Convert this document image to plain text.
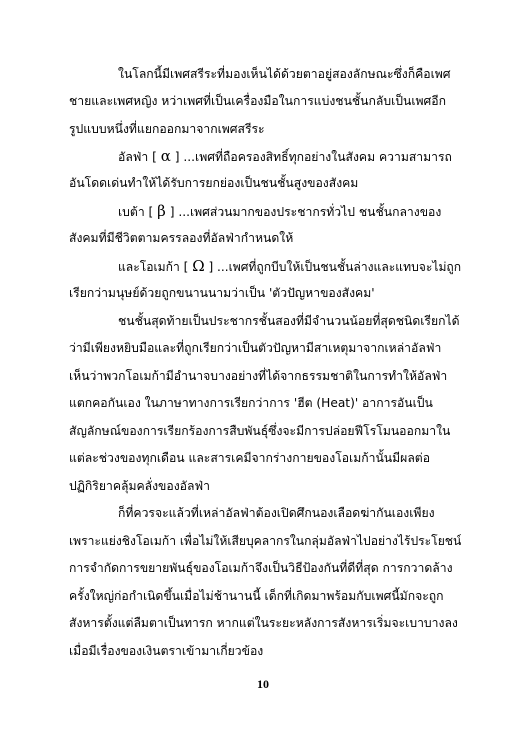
ในโลกนี้มีเพศสรีระที่มองเห็นได้ด้วยตาอยู่สองลักษณะซึ่งก็คือเพศ
ชายและเพศหญิง หว่าเพศที่เป็นเครื่องมือในการแบ่งชนชั้นกลับเป็นเพศอีก
รูปแบบหนึ่งที่แยกออกมาจากเพศสรีระ
อัลฟ่า [ α ] ...เพศที่ถือครองสิทธิ์ทุกอย่างในสังคม ความสามารถ
อันโดดเด่นทำให้ได้รับการยกย่องเป็นชนชั้นสูงของสังคม
เบต้า [ β ] ...เพศส่วนมากของประชากรทั่วไป ชนชั้นกลางของ
สังคมที่มีชีวิตตามครรลองที่อัลฟ่ากำหนดให้
และโอเมก้า [ Ω ] ...เพศที่ถูกบีบให้เป็นชนชั้นล่างและแทบจะไม่ถูก
เรียกว่ามนุษย์ด้วยถูกขนานนามว่าเป็น 'ตัวปัญหาของสังคม'
ชนชั้นสุดท้ายเป็นประชากรชั้นสองที่มีจำนวนน้อยที่สุดชนิดเรียกได้
ว่ามีเพียงหยิบมือและที่ถูกเรียกว่าเป็นตัวปัญหามีสาเหตุมาจากเหล่าอัลฟ่า
เห็นว่าพวกโอเมก้ามีอำนาจบางอย่างที่ได้จากธรรมชาติในการทำให้อัลฟ่า
แตกคอกันเอง ในภาษาทางการเรียกว่าการ 'ฮีต (Heat)' อาการอันเป็น
สัญลักษณ์ของการเรียกร้องการสืบพันธุ์ซึ่งจะมีการปล่อยฟีโรโมนออกมาใน
แต่ละช่วงของทุกเดือน และสารเคมีจากร่างกายของโอเมก้านั้นมีผลต่อ
ปฏิกิริยาคลุ้มคลั่งของอัลฟ่า
ก็ที่ควรจะแล้วที่เหล่าอัลฟ่าต้องเปิดศึกนองเลือดฆ่ากันเองเพียง
เพราะแย่งชิงโอเมก้า เพื่อไม่ให้เสียบุคลากรในกลุ่มอัลฟ่าไปอย่างไร้ประโยชน์
การจำกัดการขยายพันธุ์ของโอเมก้าจึงเป็นวิธีป้องกันที่ดีที่สุด การกวาดล้าง
ครั้งใหญ่ก่อกำเนิดขึ้นเมื่อไม่ช้านานนี้ เด็กที่เกิดมาพร้อมกับเพศนี้มักจะถูก
สังหารตั้งแต่ลืมตาเป็นทารก หากแต่ในระยะหลังการสังหารเริ่มจะเบาบางลง
เมื่อมีเรื่องของเงินตราเข้ามาเกี่ยวข้อง
10
